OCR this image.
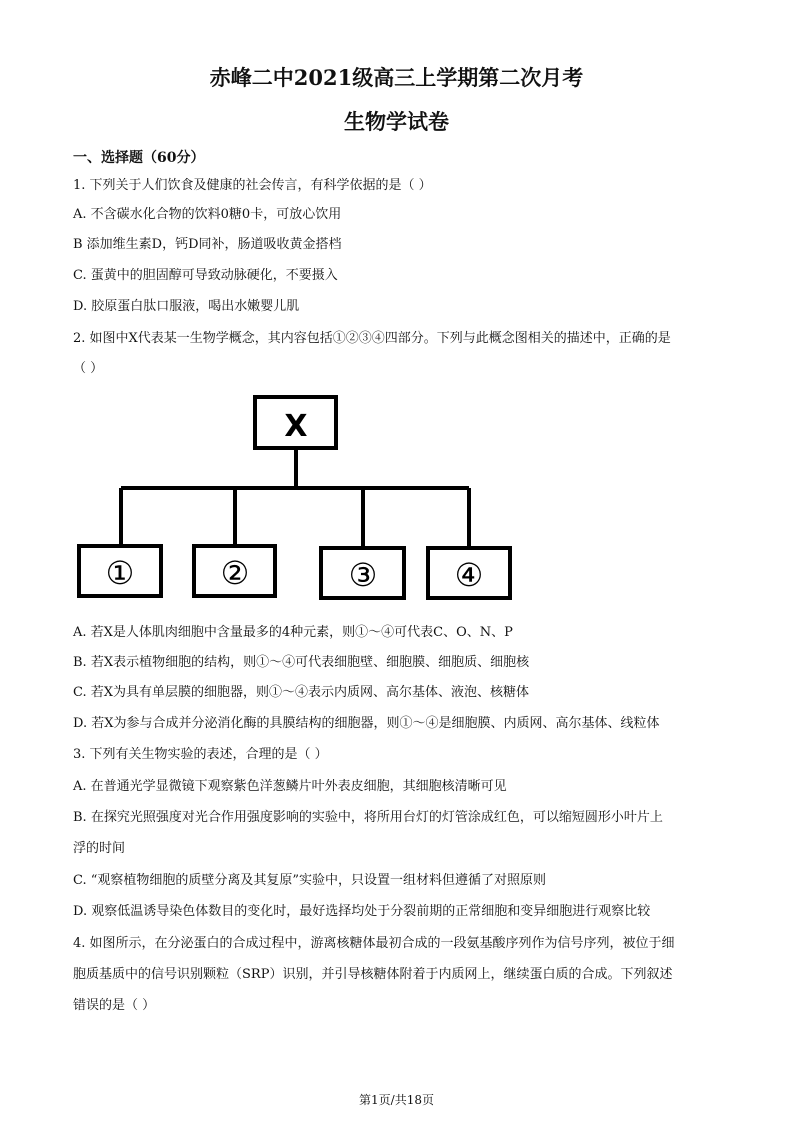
赤峰二中2021级高三上学期第二次月考
生物学试卷
一、选择题（60分）
1. 下列关于人们饮食及健康的社会传言，有科学依据的是（ ）
A. 不含碳水化合物的饮料0糖0卡，可放心饮用
B 添加维生素D，钙D同补，肠道吸收黄金搭档
C. 蛋黄中的胆固醇可导致动脉硬化，不要摄入
D. 胶原蛋白肽口服液，喝出水嫩婴儿肌
2. 如图中X代表某一生物学概念，其内容包括①②③④四部分。下列与此概念图相关的描述中，正确的是
（ ）
X
①	②	③ ④
A. 若X是人体肌肉细胞中含量最多的4种元素，则①～④可代表C、O、N、P
B. 若X表示植物细胞的结构，则①～④可代表细胞壁、细胞膜、细胞质、细胞核
C. 若X为具有单层膜的细胞器，则①～④表示内质网、高尔基体、液泡、核糖体
D. 若X为参与合成并分泌消化酶的具膜结构的细胞器，则①～④是细胞膜、内质网、高尔基体、线粒体
3. 下列有关生物实验的表述，合理的是（ ）
A. 在普通光学显微镜下观察紫色洋葱鳞片叶外表皮细胞，其细胞核清晰可见
B. 在探究光照强度对光合作用强度影响的实验中，将所用台灯的灯管涂成红色，可以缩短圆形小叶片上
浮的时间
C. “观察植物细胞的质壁分离及其复原”实验中，只设置一组材料但遵循了对照原则
D. 观察低温诱导染色体数目的变化时，最好选择均处于分裂前期的正常细胞和变异细胞进行观察比较
4. 如图所示，在分泌蛋白的合成过程中，游离核糖体最初合成的一段氨基酸序列作为信号序列，被位于细
胞质基质中的信号识别颗粒（SRP）识别，并引导核糖体附着于内质网上，继续蛋白质的合成。下列叙述
错误的是（ ）
第1页/共18页
